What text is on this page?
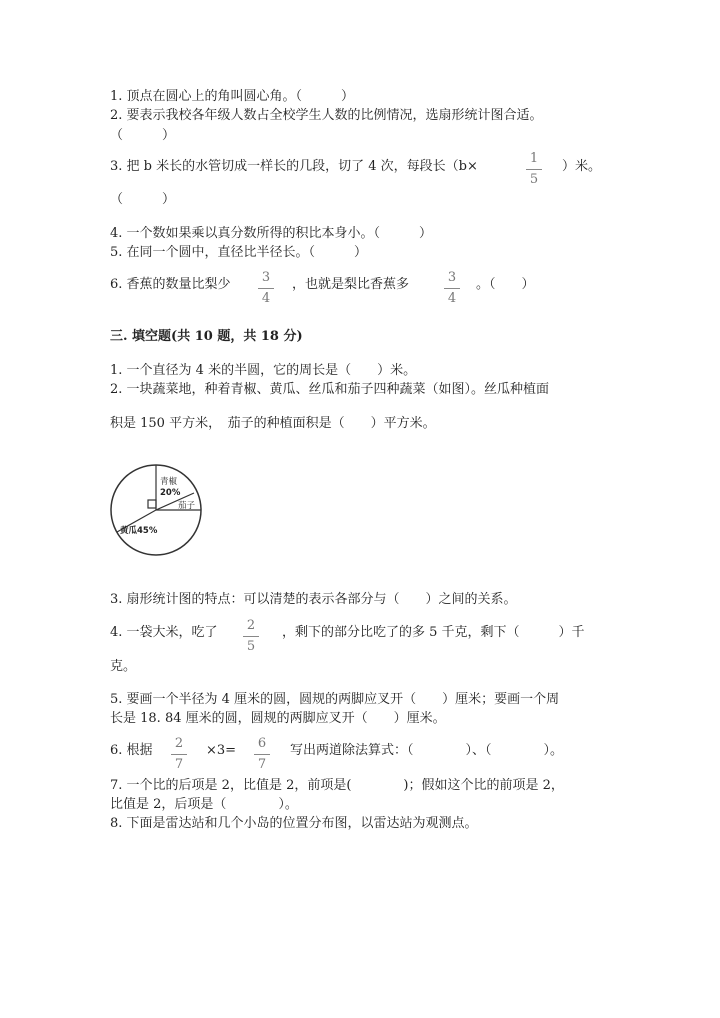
1. 顶点在圆心上的角叫圆心角。（　　　）
2. 要表示我校各年级人数占全校学生人数的比例情况，选扇形统计图合适。
（　　　）
3. 把 b 米长的水管切成一样长的几段，切了 4 次，每段长（b×
1
5
）米。
（　　　）
4. 一个数如果乘以真分数所得的积比本身小。（　　　）
5. 在同一个圆中，直径比半径长。（　　　）
6. 香蕉的数量比梨少	3
4
，也就是梨比香蕉多	3
4
。（　　）
三. 填空题(共 10 题，共 18 分)
1. 一个直径为 4 米的半圆，它的周长是（　　）米。
2. 一块蔬菜地，种着青椒、黄瓜、丝瓜和茄子四种蔬菜（如图）。丝瓜种植面
积是 150 平方米，　茄子的种植面积是（　　）平方米。
青椒
20%
茄子
黄瓜45%
3. 扇形统计图的特点：可以清楚的表示各部分与（　　）之间的关系。
4. 一袋大米，吃了	2
5
，剩下的部分比吃了的多 5 千克，剩下（　　　）千
克。
5. 要画一个半径为 4 厘米的圆，圆规的两脚应叉开（　　）厘米；要画一个周
长是 18. 84 厘米的圆，圆规的两脚应叉开（　　）厘米。
6. 根据	2
7
×3=	6
7
写出两道除法算式：（　　　　）、（　　　　）。
7. 一个比的后项是 2，比值是 2，前项是(　　　　)；假如这个比的前项是 2，
比值是 2，后项是（　　　　）。
8. 下面是雷达站和几个小岛的位置分布图，以雷达站为观测点。
